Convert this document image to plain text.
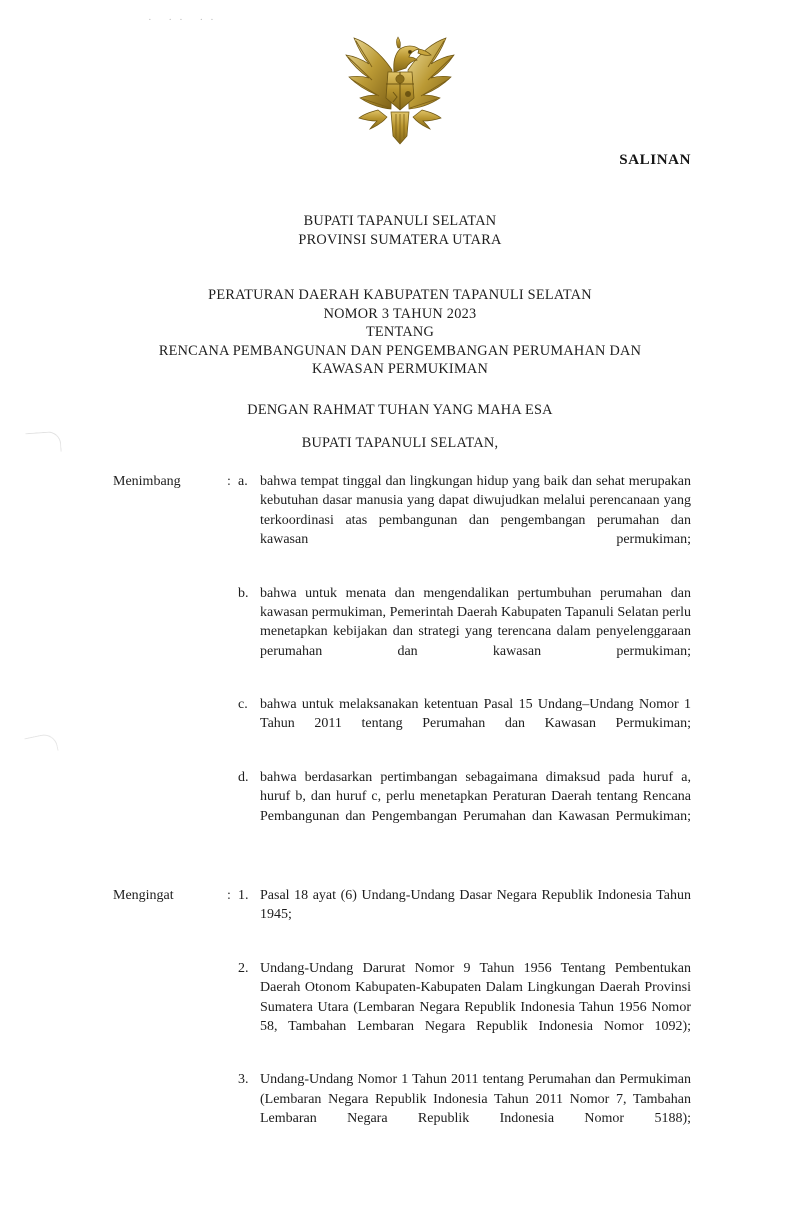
· ·· ··
SALINAN
BUPATI TAPANULI SELATAN
PROVINSI SUMATERA UTARA
PERATURAN DAERAH KABUPATEN TAPANULI SELATAN
NOMOR 3 TAHUN 2023
TENTANG
RENCANA PEMBANGUNAN DAN PENGEMBANGAN PERUMAHAN DAN
KAWASAN PERMUKIMAN
DENGAN RAHMAT TUHAN YANG MAHA ESA
BUPATI TAPANULI SELATAN,
Menimbang	: a. bahwa tempat tinggal dan lingkungan hidup yang baik dan sehat merupakan kebutuhan dasar manusia yang dapat diwujudkan melalui perencanaan yang terkoordinasi atas pembangunan dan pengembangan perumahan dan kawasan permukiman;
b. bahwa untuk menata dan mengendalikan pertumbuhan perumahan dan kawasan permukiman, Pemerintah Daerah Kabupaten Tapanuli Selatan perlu menetapkan kebijakan dan strategi yang terencana dalam penyelenggaraan perumahan dan kawasan permukiman;
c. bahwa untuk melaksanakan ketentuan Pasal 15 Undang–Undang Nomor 1 Tahun 2011 tentang Perumahan dan Kawasan Permukiman;
d. bahwa berdasarkan pertimbangan sebagaimana dimaksud pada huruf a, huruf b, dan huruf c, perlu menetapkan Peraturan Daerah tentang Rencana Pembangunan dan Pengembangan Perumahan dan Kawasan Permukiman;
Mengingat	: 1. Pasal 18 ayat (6) Undang-Undang Dasar Negara Republik Indonesia Tahun 1945;
2. Undang-Undang Darurat Nomor 9 Tahun 1956 Tentang Pembentukan Daerah Otonom Kabupaten-Kabupaten Dalam Lingkungan Daerah Provinsi Sumatera Utara (Lembaran Negara Republik Indonesia Tahun 1956 Nomor 58, Tambahan Lembaran Negara Republik Indonesia Nomor 1092);
3. Undang-Undang Nomor 1 Tahun 2011 tentang Perumahan dan Permukiman (Lembaran Negara Republik Indonesia Tahun 2011 Nomor 7, Tambahan Lembaran Negara Republik Indonesia Nomor 5188);
